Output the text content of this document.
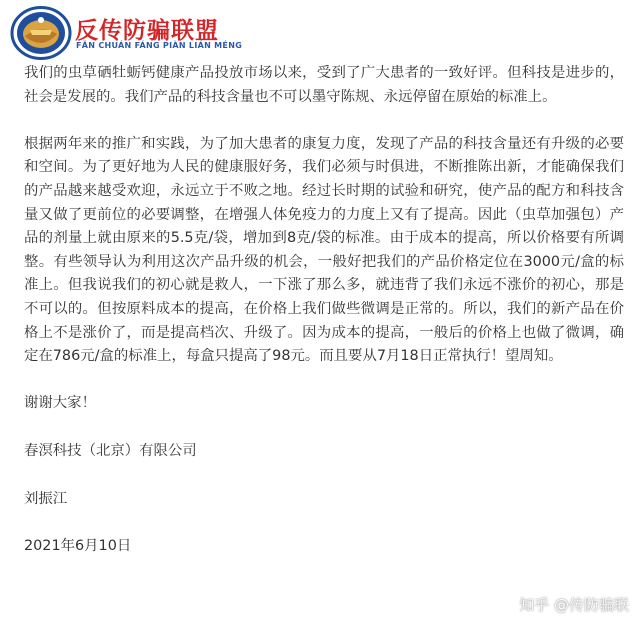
反传防骗联盟
FǍN CHUÁN FÁNG PIÀN LIÁN MÉNG

我们的虫草硒牡蛎钙健康产品投放市场以来，受到了广大患者的一致好评。但科技是进步的，社会是发展的。我们产品的科技含量也不可以墨守陈规、永远停留在原始的标准上。

根据两年来的推广和实践，为了加大患者的康复力度，发现了产品的科技含量还有升级的必要和空间。为了更好地为人民的健康服好务，我们必须与时俱进，不断推陈出新，才能确保我们的产品越来越受欢迎，永远立于不败之地。经过长时期的试验和研究，使产品的配方和科技含量又做了更前位的必要调整，在增强人体免疫力的力度上又有了提高。因此（虫草加强包）产品的剂量上就由原来的5.5克/袋，增加到8克/袋的标准。由于成本的提高，所以价格要有所调整。有些领导认为利用这次产品升级的机会，一般好把我们的产品价格定位在3000元/盒的标准上。但我说我们的初心就是救人，一下涨了那么多，就违背了我们永远不涨价的初心，那是不可以的。但按原料成本的提高，在价格上我们做些微调是正常的。所以，我们的新产品在价格上不是涨价了，而是提高档次、升级了。因为成本的提高，一般后的价格上也做了微调，确定在786元/盒的标准上，每盒只提高了98元。而且要从7月18日正常执行！望周知。

谢谢大家！

春溟科技（北京）有限公司

刘振江

2021年6月10日

知乎 @传防骗联
